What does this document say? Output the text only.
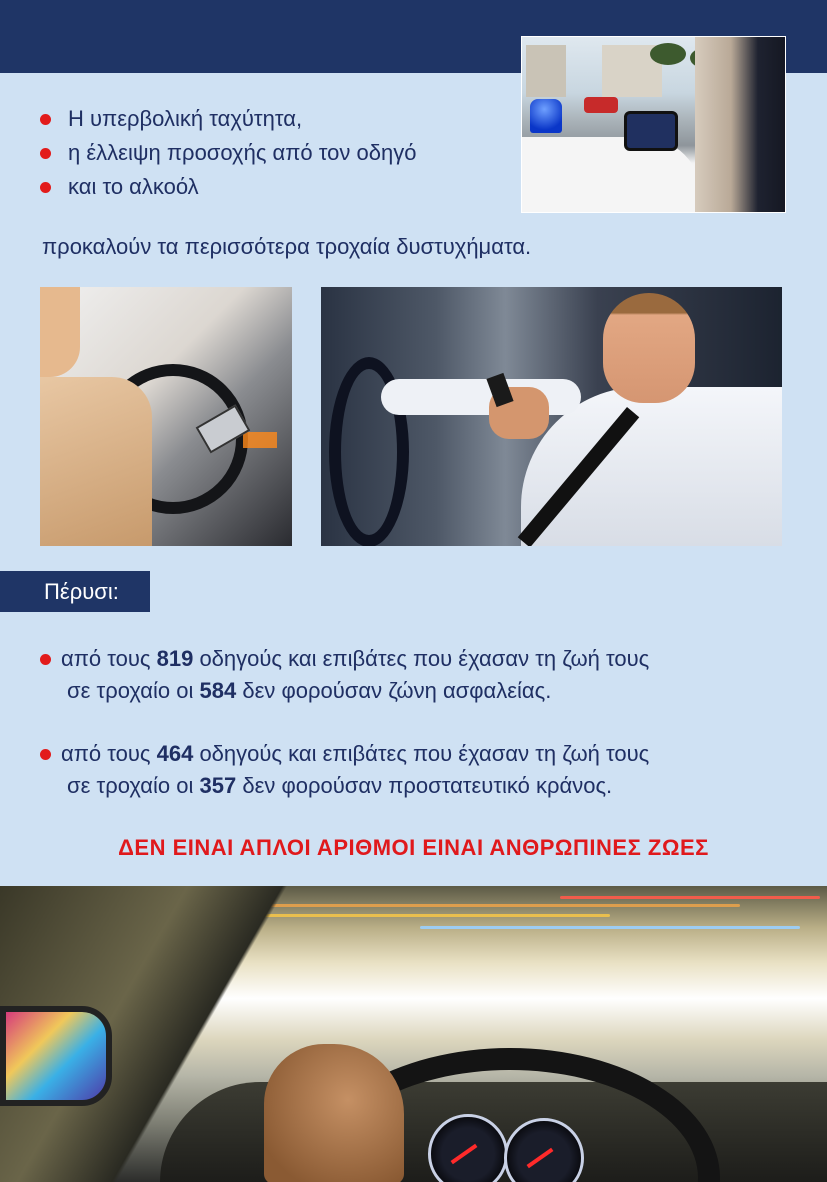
Η υπερβολική ταχύτητα,
η έλλειψη προσοχής από τον οδηγό
και το αλκοόλ
προκαλούν τα περισσότερα τροχαία δυστυχήματα.
Πέρυσι:
από τους 819 οδηγούς και επιβάτες που έχασαν τη ζωή τους
σε τροχαίο οι 584 δεν φορούσαν ζώνη ασφαλείας.
από τους 464 οδηγούς και επιβάτες που έχασαν τη ζωή τους
σε τροχαίο οι 357 δεν φορούσαν προστατευτικό κράνος.
ΔΕΝ ΕΙΝΑΙ ΑΠΛΟΙ ΑΡΙΘΜΟΙ ΕΙΝΑΙ ΑΝΘΡΩΠΙΝΕΣ ΖΩΕΣ
